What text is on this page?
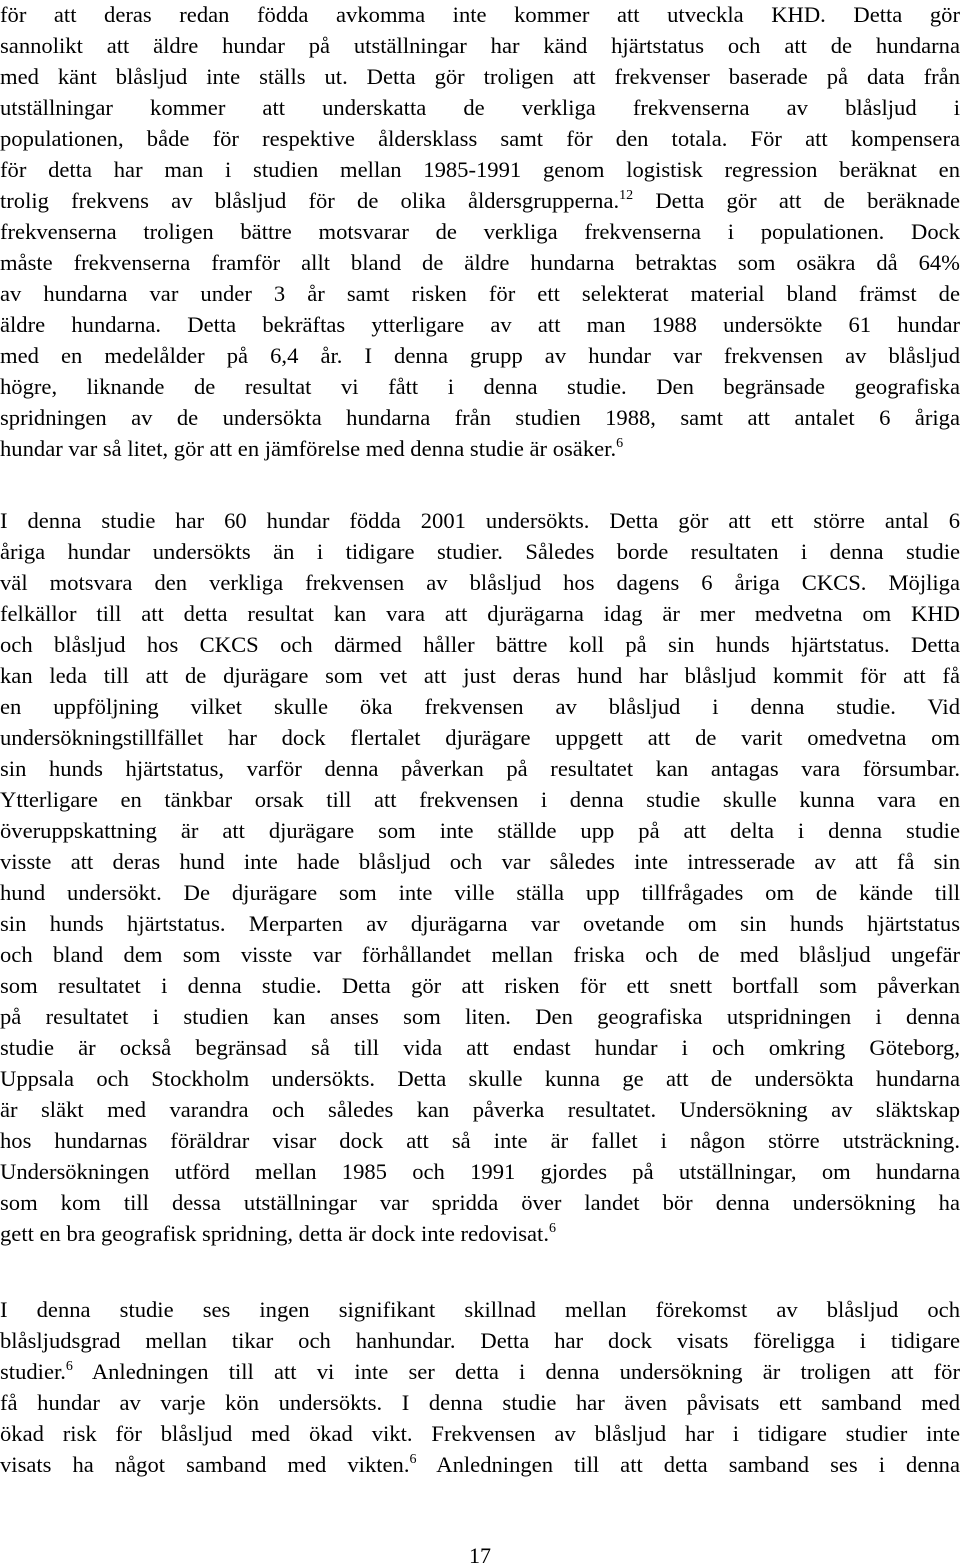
för att deras redan födda avkomma inte kommer att utveckla KHD. Detta gör
sannolikt att äldre hundar på utställningar har känd hjärtstatus och att de hundarna
med känt blåsljud inte ställs ut. Detta gör troligen att frekvenser baserade på data från
utställningar kommer att underskatta de verkliga frekvenserna av blåsljud i
populationen, både för respektive åldersklass samt för den totala. För att kompensera
för detta har man i studien mellan 1985-1991 genom logistisk regression beräknat en
trolig frekvens av blåsljud för de olika åldersgrupperna.$^{12}$ Detta gör att de beräknade
frekvenserna troligen bättre motsvarar de verkliga frekvenserna i populationen. Dock
måste frekvenserna framför allt bland de äldre hundarna betraktas som osäkra då 64%
av hundarna var under 3 år samt risken för ett selekterat material bland främst de
äldre hundarna. Detta bekräftas ytterligare av att man 1988 undersökte 61 hundar
med en medelålder på 6,4 år. I denna grupp av hundar var frekvensen av blåsljud
högre, liknande de resultat vi fått i denna studie. Den begränsade geografiska
spridningen av de undersökta hundarna från studien 1988, samt att antalet 6 åriga
hundar var så litet, gör att en jämförelse med denna studie är osäker.$^6$
I denna studie har 60 hundar födda 2001 undersökts. Detta gör att ett större antal 6
åriga hundar undersökts än i tidigare studier. Således borde resultaten i denna studie
väl motsvara den verkliga frekvensen av blåsljud hos dagens 6 åriga CKCS. Möjliga
felkällor till att detta resultat kan vara att djurägarna idag är mer medvetna om KHD
och blåsljud hos CKCS och därmed håller bättre koll på sin hunds hjärtstatus. Detta
kan leda till att de djurägare som vet att just deras hund har blåsljud kommit för att få
en uppföljning vilket skulle öka frekvensen av blåsljud i denna studie. Vid
undersökningstillfället har dock flertalet djurägare uppgett att de varit omedvetna om
sin hunds hjärtstatus, varför denna påverkan på resultatet kan antagas vara försumbar.
Ytterligare en tänkbar orsak till att frekvensen i denna studie skulle kunna vara en
överuppskattning är att djurägare som inte ställde upp på att delta i denna studie
visste att deras hund inte hade blåsljud och var således inte intresserade av att få sin
hund undersökt. De djurägare som inte ville ställa upp tillfrågades om de kände till
sin hunds hjärtstatus. Merparten av djurägarna var ovetande om sin hunds hjärtstatus
och bland dem som visste var förhållandet mellan friska och de med blåsljud ungefär
som resultatet i denna studie. Detta gör att risken för ett snett bortfall som påverkan
på resultatet i studien kan anses som liten. Den geografiska utspridningen i denna
studie är också begränsad så till vida att endast hundar i och omkring Göteborg,
Uppsala och Stockholm undersökts. Detta skulle kunna ge att de undersökta hundarna
är släkt med varandra och således kan påverka resultatet. Undersökning av släktskap
hos hundarnas föräldrar visar dock att så inte är fallet i någon större utsträckning.
Undersökningen utförd mellan 1985 och 1991 gjordes på utställningar, om hundarna
som kom till dessa utställningar var spridda över landet bör denna undersökning ha
gett en bra geografisk spridning, detta är dock inte redovisat.$^6$
I denna studie ses ingen signifikant skillnad mellan förekomst av blåsljud och
blåsljudsgrad mellan tikar och hanhundar. Detta har dock visats föreligga i tidigare
studier.$^6$ Anledningen till att vi inte ser detta i denna undersökning är troligen att för
få hundar av varje kön undersökts. I denna studie har även påvisats ett samband med
ökad risk för blåsljud med ökad vikt. Frekvensen av blåsljud har i tidigare studier inte
visats ha något samband med vikten.$^6$ Anledningen till att detta samband ses i denna
17
